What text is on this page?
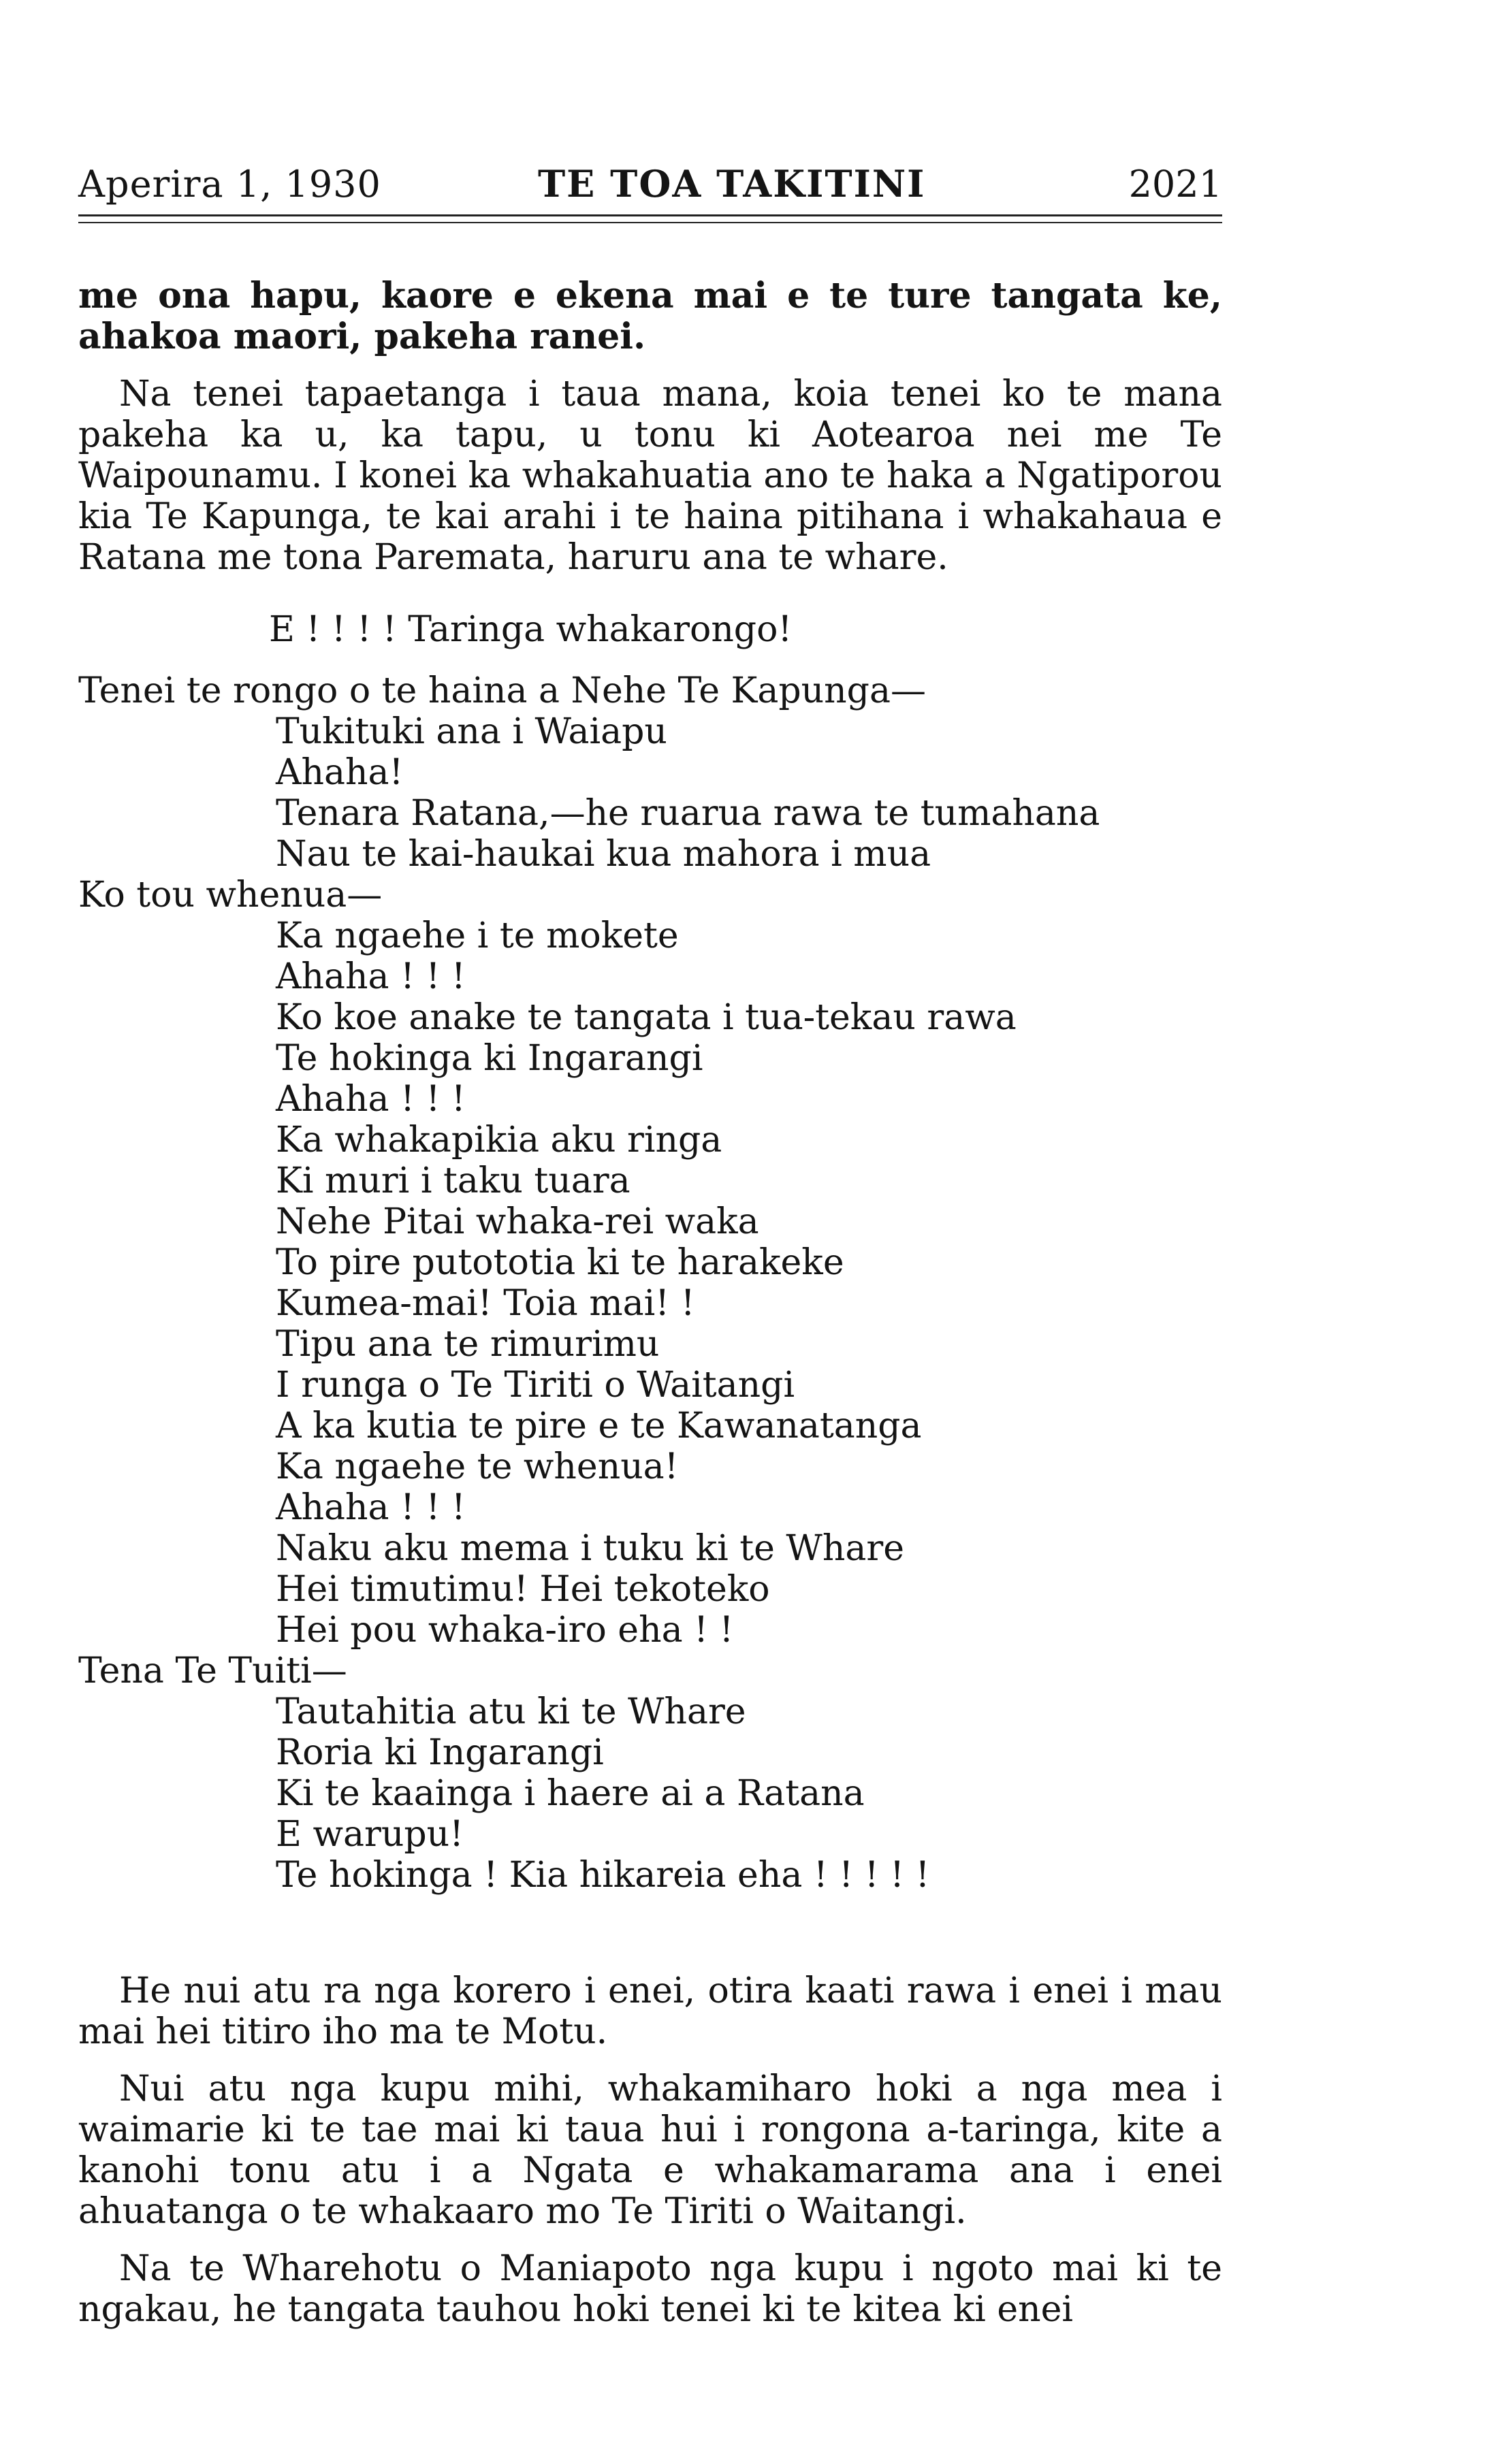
Aperira 1, 1930	TE TOA TAKITINI	2021

me ona hapu, kaore e ekena mai e te ture tangata ke, ahakoa maori, pakeha ranei.

Na tenei tapaetanga i taua mana, koia tenei ko te mana pakeha ka u, ka tapu, u tonu ki Aotearoa nei me Te Waipounamu. I konei ka whakahuatia ano te haka a Ngatiporou kia Te Kapunga, te kai arahi i te haina pitihana i whakahaua e Ratana me tona Paremata, haruru ana te whare.

E ! ! ! ! Taringa whakarongo!

Tenei te rongo o te haina a Nehe Te Kapunga—

Tukituki ana i Waiapu

Ahaha!

Tenara Ratana,—he ruarua rawa te tumahana

Nau te kai-haukai kua mahora i mua

Ko tou whenua—

Ka ngaehe i te mokete

Ahaha ! ! !

Ko koe anake te tangata i tua-tekau rawa

Te hokinga ki Ingarangi

Ahaha ! ! !

Ka whakapikia aku ringa

Ki muri i taku tuara

Nehe Pitai whaka-rei waka

To pire putototia ki te harakeke

Kumea-mai! Toia mai! !

Tipu ana te rimurimu

I runga o Te Tiriti o Waitangi

A ka kutia te pire e te Kawanatanga

Ka ngaehe te whenua!

Ahaha ! ! !

Naku aku mema i tuku ki te Whare

Hei timutimu! Hei tekoteko

Hei pou whaka-iro eha ! !

Tena Te Tuiti—

Tautahitia atu ki te Whare

Roria ki Ingarangi

Ki te kaainga i haere ai a Ratana

E warupu!

Te hokinga ! Kia hikareia eha ! ! ! ! !

He nui atu ra nga korero i enei, otira kaati rawa i enei i mau mai hei titiro iho ma te Motu.

Nui atu nga kupu mihi, whakamiharo hoki a nga mea i waimarie ki te tae mai ki taua hui i rongona a-taringa, kite a kanohi tonu atu i a Ngata e whakamarama ana i enei ahuatanga o te whakaaro mo Te Tiriti o Waitangi.

Na te Wharehotu o Maniapoto nga kupu i ngoto mai ki te ngakau, he tangata tauhou hoki tenei ki te kitea ki enei
